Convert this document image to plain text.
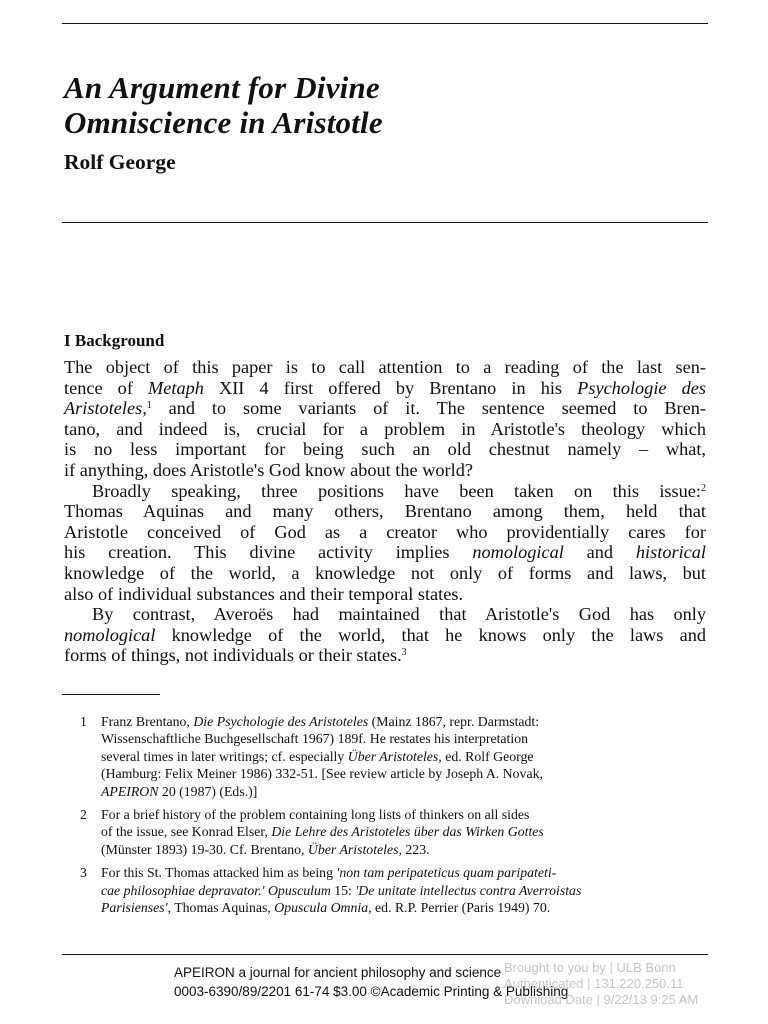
An Argument for Divine
Omniscience in Aristotle
Rolf George
I Background

The object of this paper is to call attention to a reading of the last sen-
tence of Metaph XII 4 first offered by Brentano in his Psychologie des
Aristoteles,$^1$ and to some variants of it. The sentence seemed to Bren-
tano, and indeed is, crucial for a problem in Aristotle's theology which
is no less important for being such an old chestnut namely – what,
if anything, does Aristotle's God know about the world?

Broadly speaking, three positions have been taken on this issue:$^2$
Thomas Aquinas and many others, Brentano among them, held that
Aristotle conceived of God as a creator who providentially cares for
his creation. This divine activity implies nomological and historical
knowledge of the world, a knowledge not only of forms and laws, but
also of individual substances and their temporal states.

By contrast, Averoës had maintained that Aristotle's God has only
nomological knowledge of the world, that he knows only the laws and
forms of things, not individuals or their states.$^3$

1	Franz Brentano, Die Psychologie des Aristoteles (Mainz 1867, repr. Darmstadt:
Wissenschaftliche Buchgesellschaft 1967) 189f. He restates his interpretation
several times in later writings; cf. especially Über Aristoteles, ed. Rolf George
(Hamburg: Felix Meiner 1986) 332-51. [See review article by Joseph A. Novak,
APEIRON 20 (1987) (Eds.)]
2	For a brief history of the problem containing long lists of thinkers on all sides
of the issue, see Konrad Elser, Die Lehre des Aristoteles über das Wirken Gottes
(Münster 1893) 19-30. Cf. Brentano, Über Aristoteles, 223.
3	For this St. Thomas attacked him as being 'non tam peripateticus quam paripateti-
cae philosophiae depravator.' Opusculum 15: 'De unitate intellectus contra Averroistas
Parisienses', Thomas Aquinas, Opuscula Omnia, ed. R.P. Perrier (Paris 1949) 70.
APEIRON a journal for ancient philosophy and science
0003-6390/89/2201 61-74 $3.00 ©Academic Printing & Publishing
Brought to you by | ULB Bonn
Authenticated | 131.220.250.11
Download Date | 9/22/13 9:25 AM
